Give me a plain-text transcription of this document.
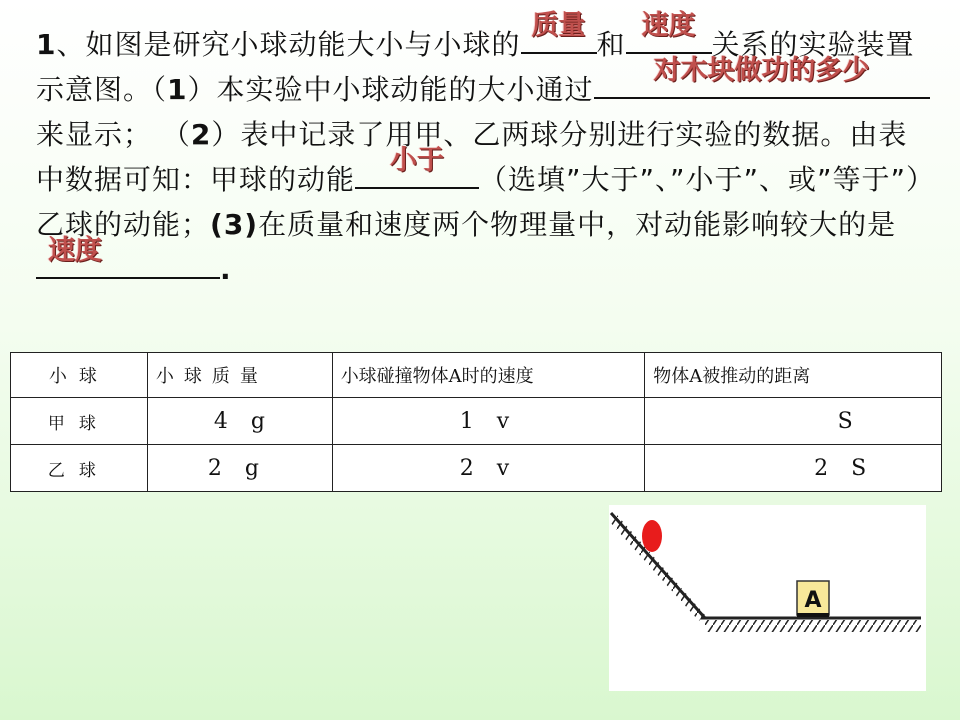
1、如图是研究小球动能大小与小球的
质量
和
速度
关系的实验装置示意图。（1）本实验中小球动能的大小通过
对木块做功的多少
来显示； （2）表中记录了用甲、乙两球分别进行实验的数据。由表中数据可知：甲球的动能
小于
（选填”大于”、”小于”、或”等于”）乙球的动能；(3)在质量和速度两个物理量中，对动能影响较大的是
速度
.
小球	小球质量	小球碰撞物体A时的速度	物体A被推动的距离
甲球	4 g	1 v	S
乙球	2 g	2 v	2 S
A
